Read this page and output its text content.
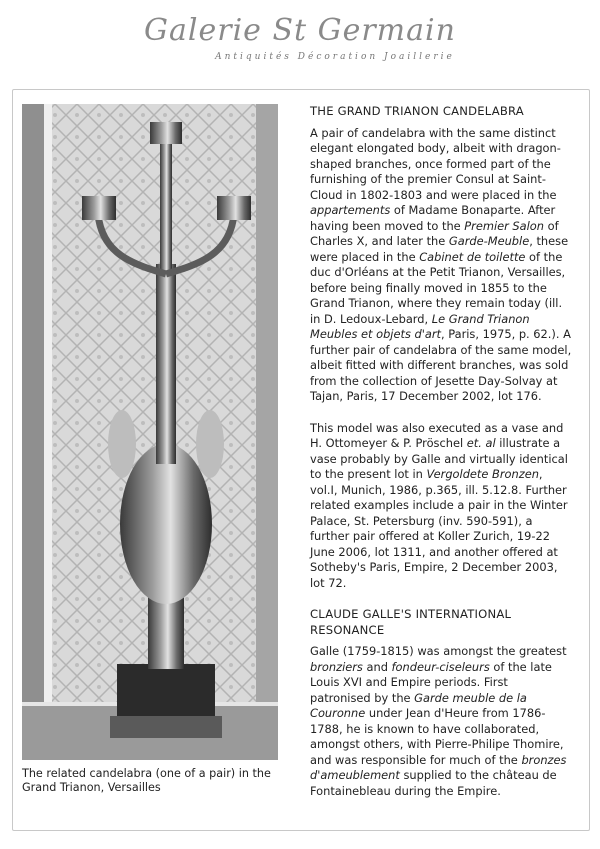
Galerie St Germain
Antiquités Décoration Joaillerie
The related candelabra (one of a pair) in the Grand Trianon, Versailles
THE GRAND TRIANON CANDELABRA

A pair of candelabra with the same distinct elegant elongated body, albeit with dragon-shaped branches, once formed part of the furnishing of the premier Consul at Saint-Cloud in 1802-1803 and were placed in the appartements of Madame Bonaparte. After having been moved to the Premier Salon of Charles X, and later the Garde-Meuble, these were placed in the Cabinet de toilette of the duc d'Orléans at the Petit Trianon, Versailles, before being finally moved in 1855 to the Grand Trianon, where they remain today (ill. in D. Ledoux-Lebard, Le Grand Trianon Meubles et objets d'art, Paris, 1975, p. 62.). A further pair of candelabra of the same model, albeit fitted with different branches, was sold from the collection of Jesette Day-Solvay at Tajan, Paris, 17 December 2002, lot 176.

This model was also executed as a vase and H. Ottomeyer & P. Pröschel et. al illustrate a vase probably by Galle and virtually identical to the present lot in Vergoldete Bronzen, vol.I, Munich, 1986, p.365, ill. 5.12.8. Further related examples include a pair in the Winter Palace, St. Petersburg (inv. 590-591), a further pair offered at Koller Zurich, 19-22 June 2006, lot 1311, and another offered at Sotheby's Paris, Empire, 2 December 2003, lot 72.

CLAUDE GALLE'S INTERNATIONAL RESONANCE

Galle (1759-1815) was amongst the greatest bronziers and fondeur-ciseleurs of the late Louis XVI and Empire periods. First patronised by the Garde meuble de la Couronne under Jean d'Heure from 1786-1788, he is known to have collaborated, amongst others, with Pierre-Philipe Thomire, and was responsible for much of the bronzes d'ameublement supplied to the château de Fontainebleau during the Empire.
